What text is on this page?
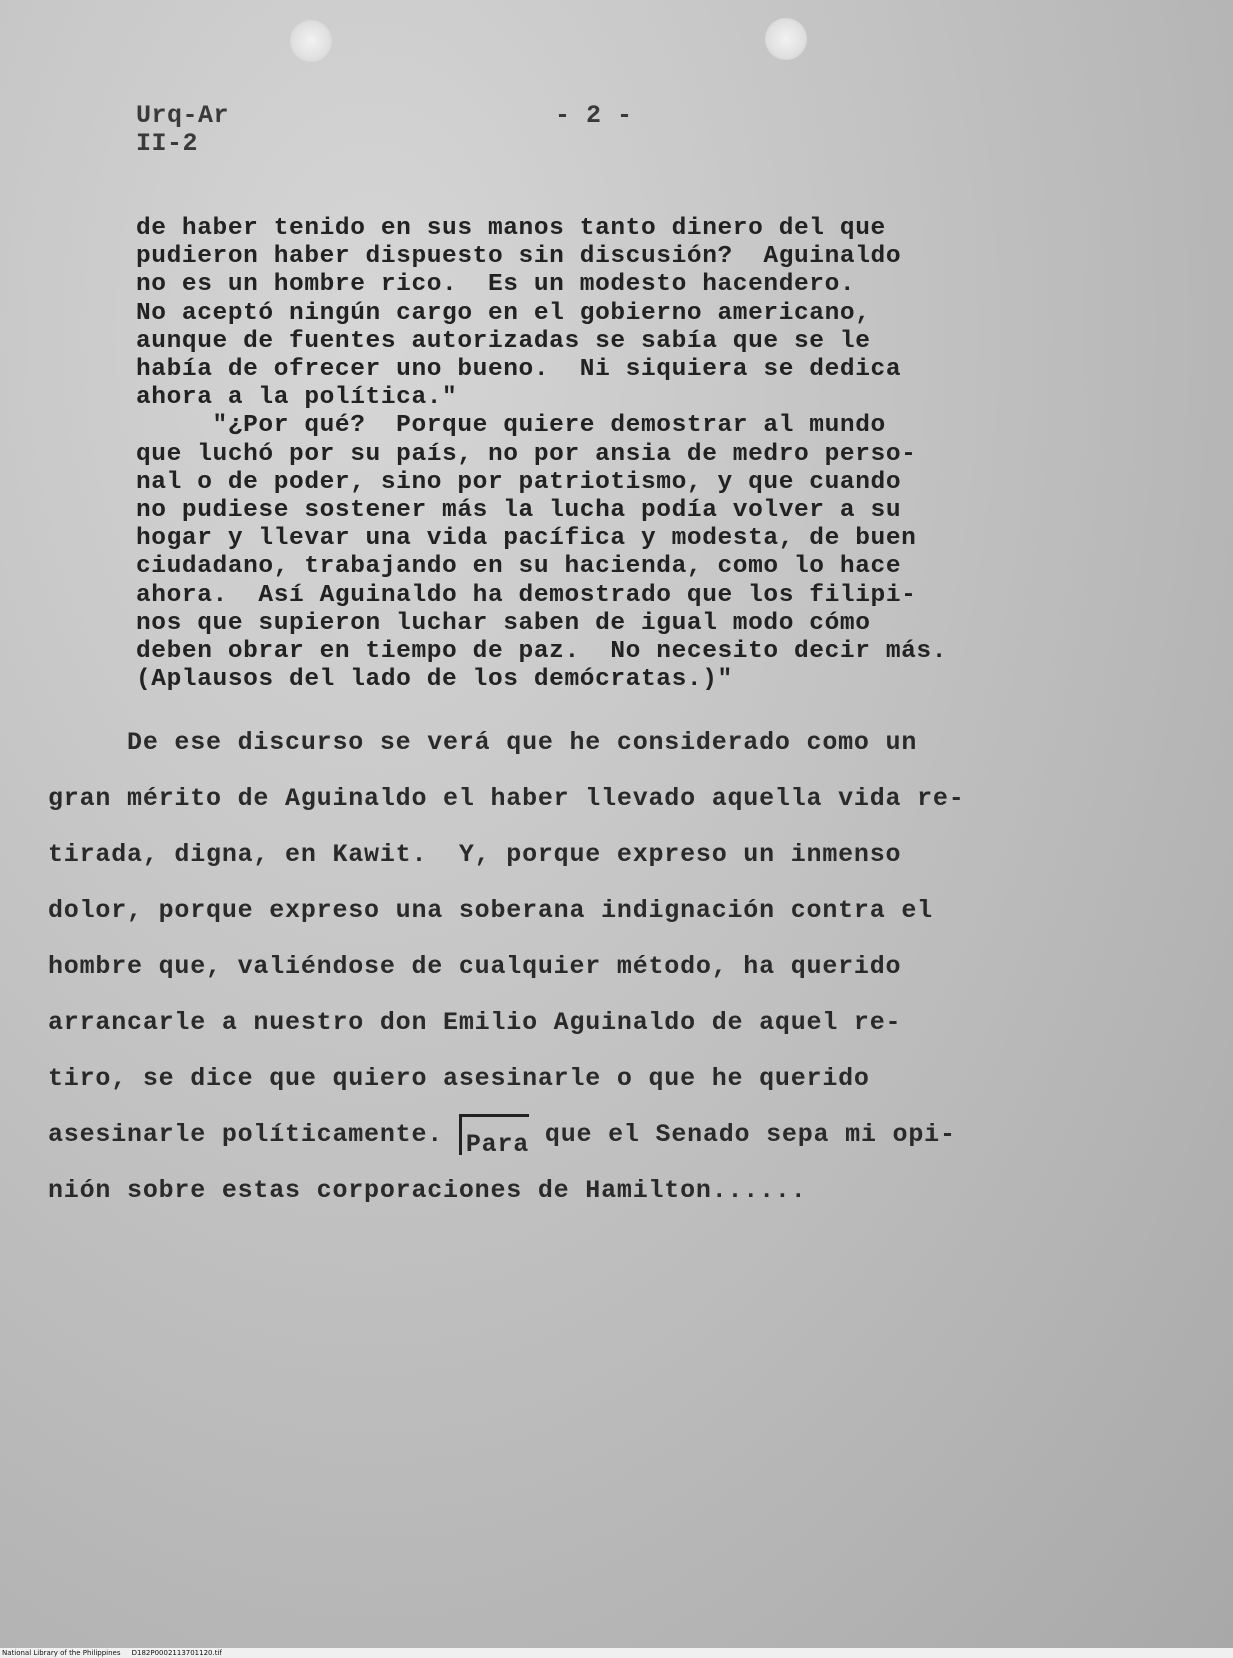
Urq-Ar
II-2
- 2 -
de haber tenido en sus manos tanto dinero del que
pudieron haber dispuesto sin discusión?  Aguinaldo
no es un hombre rico.  Es un modesto hacendero.
No aceptó ningún cargo en el gobierno americano,
aunque de fuentes autorizadas se sabía que se le
había de ofrecer uno bueno.  Ni siquiera se dedica
ahora a la política."
"¿Por qué?  Porque quiere demostrar al mundo
que luchó por su país, no por ansia de medro perso-
nal o de poder, sino por patriotismo, y que cuando
no pudiese sostener más la lucha podía volver a su
hogar y llevar una vida pacífica y modesta, de buen
ciudadano, trabajando en su hacienda, como lo hace
ahora.  Así Aguinaldo ha demostrado que los filipi-
nos que supieron luchar saben de igual modo cómo
deben obrar en tiempo de paz.  No necesito decir más.
(Aplausos del lado de los demócratas.)"
De ese discurso se verá que he considerado como un
gran mérito de Aguinaldo el haber llevado aquella vida re-
tirada, digna, en Kawit.  Y, porque expreso un inmenso
dolor, porque expreso una soberana indignación contra el
hombre que, valiéndose de cualquier método, ha querido
arrancarle a nuestro don Emilio Aguinaldo de aquel re-
tiro, se dice que quiero asesinarle o que he querido
asesinarle políticamente. Para que el Senado sepa mi opi-
nión sobre estas corporaciones de Hamilton......
National Library of the Philippines     D182P0002113701120.tif
